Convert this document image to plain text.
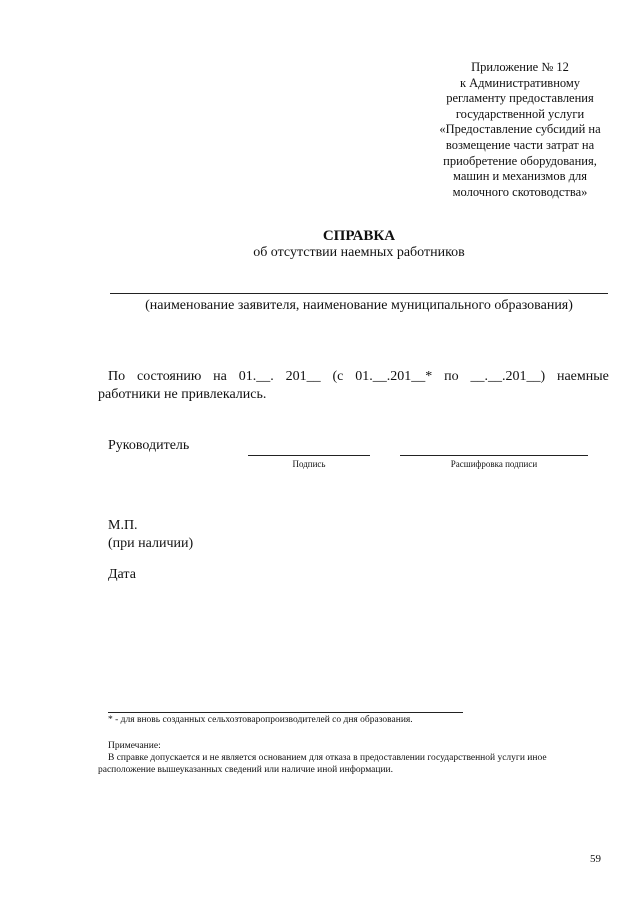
Приложение № 12
к Административному
регламенту предоставления
государственной услуги
«Предоставление субсидий на
возмещение части затрат на
приобретение оборудования,
машин и механизмов для
молочного скотоводства»
СПРАВКА
об отсутствии наемных работников
(наименование заявителя, наименование муниципального образования)
По состоянию на 01.__. 201__ (с 01.__.201__* по __.__.201__) наемные
работники не привлекались.
Руководитель
Подпись	Расшифровка подписи
М.П.
(при наличии)
Дата
* - для вновь созданных сельхозтоваропроизводителей со дня образования.
Примечание:
В справке допускается и не является основанием для отказа в предоставлении государственной услуги иное
расположение вышеуказанных сведений или наличие иной информации.
59
